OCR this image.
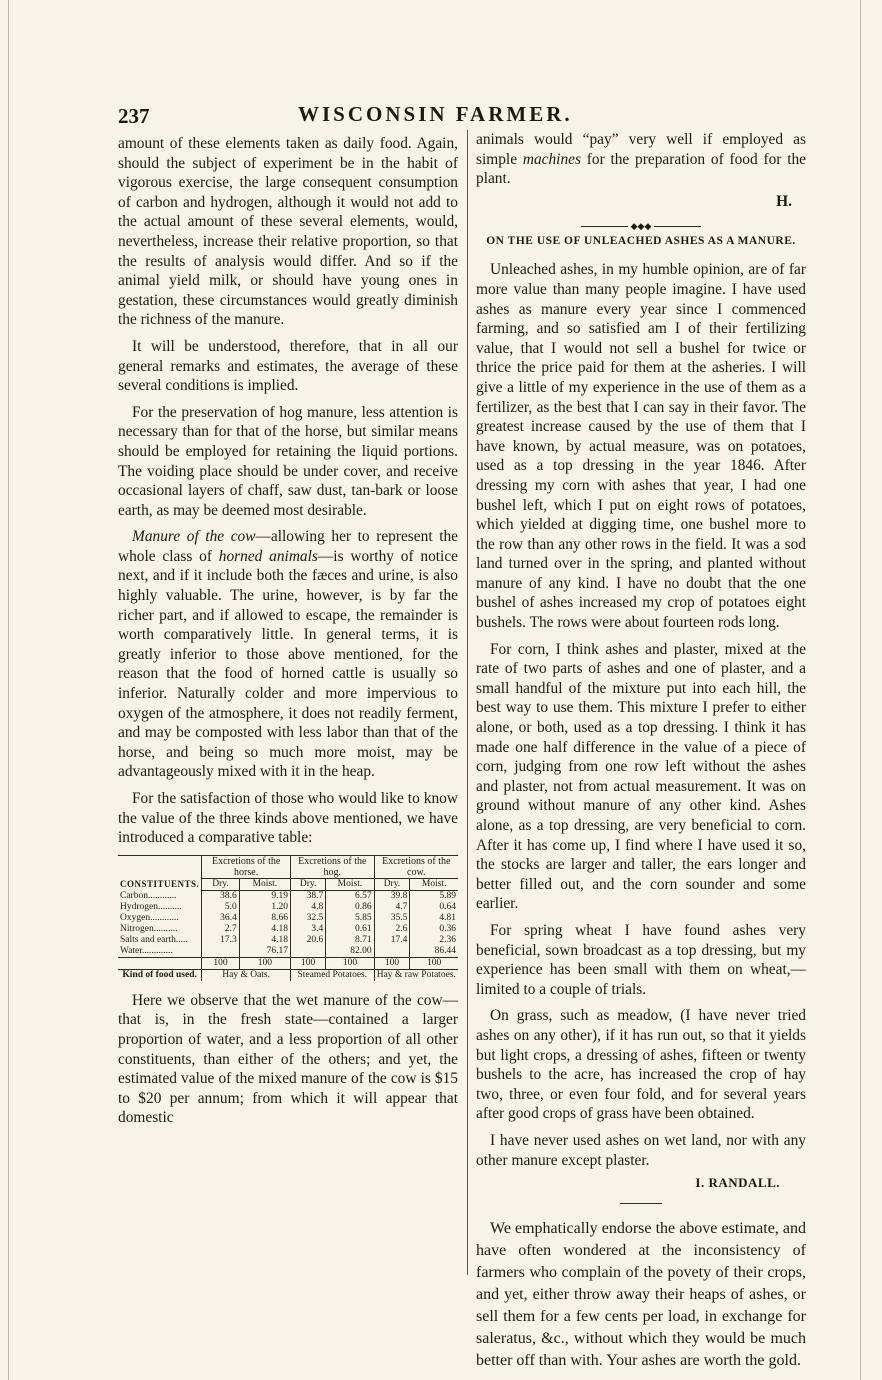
237	WISCONSIN FARMER.

amount of these elements taken as daily food. Again, should the subject of experiment be in the habit of vigorous exercise, the large consequent consumption of carbon and hydrogen, although it would not add to the actual amount of these several elements, would, nevertheless, increase their relative proportion, so that the results of analysis would differ. And so if the animal yield milk, or should have young ones in gestation, these circumstances would greatly diminish the richness of the manure.

It will be understood, therefore, that in all our general remarks and estimates, the average of these several conditions is implied.

For the preservation of hog manure, less attention is necessary than for that of the horse, but similar means should be employed for retaining the liquid portions. The voiding place should be under cover, and receive occasional layers of chaff, saw dust, tan-bark or loose earth, as may be deemed most desirable.

Manure of the cow—allowing her to represent the whole class of horned animals—is worthy of notice next, and if it include both the fæces and urine, is also highly valuable. The urine, however, is by far the richer part, and if allowed to escape, the remainder is worth comparatively little. In general terms, it is greatly inferior to those above mentioned, for the reason that the food of horned cattle is usually so inferior. Naturally colder and more impervious to oxygen of the atmosphere, it does not readily ferment, and may be composted with less labor than that of the horse, and being so much more moist, may be advantageously mixed with it in the heap.

For the satisfaction of those who would like to know the value of the three kinds above mentioned, we have introduced a comparative table:

CONSTITUENTS.	Excretions of the horse.		Excretions of the hog.		Excretions of the cow.	
	Dry.	Moist.	Dry.	Moist.	Dry.	Moist.
Carbon............	38.6	9.19	38.7	6.57	39.8	5.89
Hydrogen..........	5.0	1.20	4.8	0.86	4.7	0.64
Oxygen............	36.4	8.66	32.5	5.85	35.5	4.81
Nitrogen..........	2.7	4.18	3.4	0.61	2.6	0.36
Salts and earth.....	17.3	4.18	20.6	8.71	17.4	2.36
Water.............		76.17		82.00		86.44
	100	100	100	100	100	100
Kind of food used.	Hay & Oats.		Steamed Potatoes.		Hay & raw Potatoes.	

Here we observe that the wet manure of the cow—that is, in the fresh state—contained a larger proportion of water, and a less proportion of all other constituents, than either of the others; and yet, the estimated value of the mixed manure of the cow is $15 to $20 per annum; from which it will appear that domestic

animals would “pay” very well if employed as simple machines for the preparation of food for the plant.

H.
◆◆◆
ON THE USE OF UNLEACHED ASHES AS A MANURE.

Unleached ashes, in my humble opinion, are of far more value than many people imagine. I have used ashes as manure every year since I commenced farming, and so satisfied am I of their fertilizing value, that I would not sell a bushel for twice or thrice the price paid for them at the asheries. I will give a little of my experience in the use of them as a fertilizer, as the best that I can say in their favor. The greatest increase caused by the use of them that I have known, by actual measure, was on potatoes, used as a top dressing in the year 1846. After dressing my corn with ashes that year, I had one bushel left, which I put on eight rows of potatoes, which yielded at digging time, one bushel more to the row than any other rows in the field. It was a sod land turned over in the spring, and planted without manure of any kind. I have no doubt that the one bushel of ashes increased my crop of potatoes eight bushels. The rows were about fourteen rods long.

For corn, I think ashes and plaster, mixed at the rate of two parts of ashes and one of plaster, and a small handful of the mixture put into each hill, the best way to use them. This mixture I prefer to either alone, or both, used as a top dressing. I think it has made one half difference in the value of a piece of corn, judging from one row left without the ashes and plaster, not from actual measurement. It was on ground without manure of any other kind. Ashes alone, as a top dressing, are very beneficial to corn. After it has come up, I find where I have used it so, the stocks are larger and taller, the ears longer and better filled out, and the corn sounder and some earlier.

For spring wheat I have found ashes very beneficial, sown broadcast as a top dressing, but my experience has been small with them on wheat,—limited to a couple of trials.

On grass, such as meadow, (I have never tried ashes on any other), if it has run out, so that it yields but light crops, a dressing of ashes, fifteen or twenty bushels to the acre, has increased the crop of hay two, three, or even four fold, and for several years after good crops of grass have been obtained.

I have never used ashes on wet land, nor with any other manure except plaster.

I. RANDALL.

We emphatically endorse the above estimate, and have often wondered at the inconsistency of farmers who complain of the povety of their crops, and yet, either throw away their heaps of ashes, or sell them for a few cents per load, in exchange for saleratus, &c., without which they would be much better off than with. Your ashes are worth the gold.
